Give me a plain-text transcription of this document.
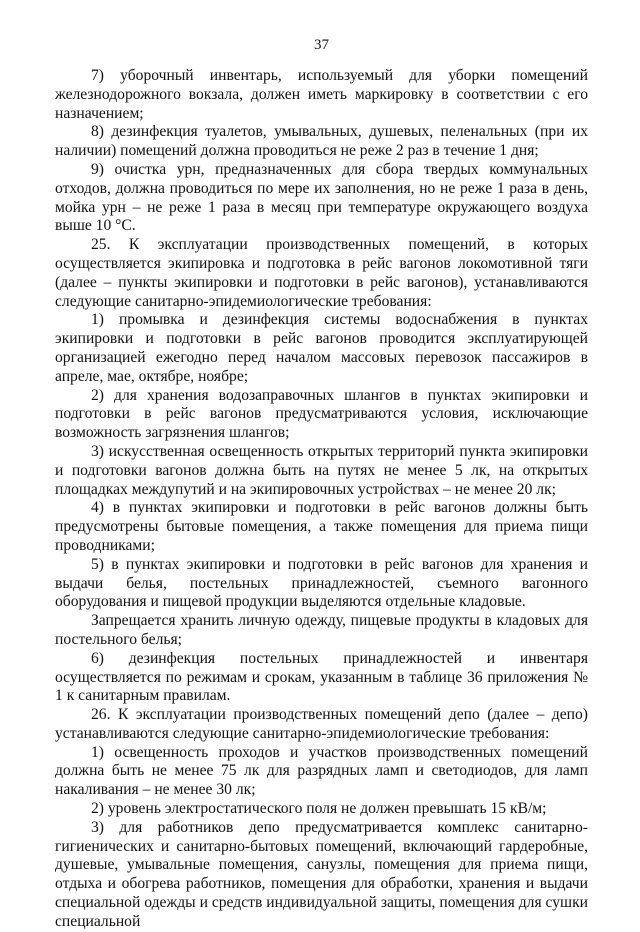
37

7) уборочный инвентарь, используемый для уборки помещений железнодорожного вокзала, должен иметь маркировку в соответствии с его назначением;

8) дезинфекция туалетов, умывальных, душевых, пеленальных (при их наличии) помещений должна проводиться не реже 2 раз в течение 1 дня;

9) очистка урн, предназначенных для сбора твердых коммунальных отходов, должна проводиться по мере их заполнения, но не реже 1 раза в день, мойка урн – не реже 1 раза в месяц при температуре окружающего воздуха выше 10 °С.

25. К эксплуатации производственных помещений, в которых осуществляется экипировка и подготовка в рейс вагонов локомотивной тяги (далее – пункты экипировки и подготовки в рейс вагонов), устанавливаются следующие санитарно-эпидемиологические требования:

1) промывка и дезинфекция системы водоснабжения в пунктах экипировки и подготовки в рейс вагонов проводится эксплуатирующей организацией ежегодно перед началом массовых перевозок пассажиров в апреле, мае, октябре, ноябре;

2) для хранения водозаправочных шлангов в пунктах экипировки и подготовки в рейс вагонов предусматриваются условия, исключающие возможность загрязнения шлангов;

3) искусственная освещенность открытых территорий пункта экипировки и подготовки вагонов должна быть на путях не менее 5 лк, на открытых площадках междупутий и на экипировочных устройствах – не менее 20 лк;

4) в пунктах экипировки и подготовки в рейс вагонов должны быть предусмотрены бытовые помещения, а также помещения для приема пищи проводниками;

5) в пунктах экипировки и подготовки в рейс вагонов для хранения и выдачи белья, постельных принадлежностей, съемного вагонного оборудования и пищевой продукции выделяются отдельные кладовые.

Запрещается хранить личную одежду, пищевые продукты в кладовых для постельного белья;

6) дезинфекция постельных принадлежностей и инвентаря осуществляется по режимам и срокам, указанным в таблице 36 приложения № 1 к санитарным правилам.

26. К эксплуатации производственных помещений депо (далее – депо) устанавливаются следующие санитарно-эпидемиологические требования:

1) освещенность проходов и участков производственных помещений должна быть не менее 75 лк для разрядных ламп и светодиодов, для ламп накаливания – не менее 30 лк;

2) уровень электростатического поля не должен превышать 15 кВ/м;

3) для работников депо предусматривается комплекс санитарно-гигиенических и санитарно-бытовых помещений, включающий гардеробные, душевые, умывальные помещения, санузлы, помещения для приема пищи, отдыха и обогрева работников, помещения для обработки, хранения и выдачи специальной одежды и средств индивидуальной защиты, помещения для сушки специальной
